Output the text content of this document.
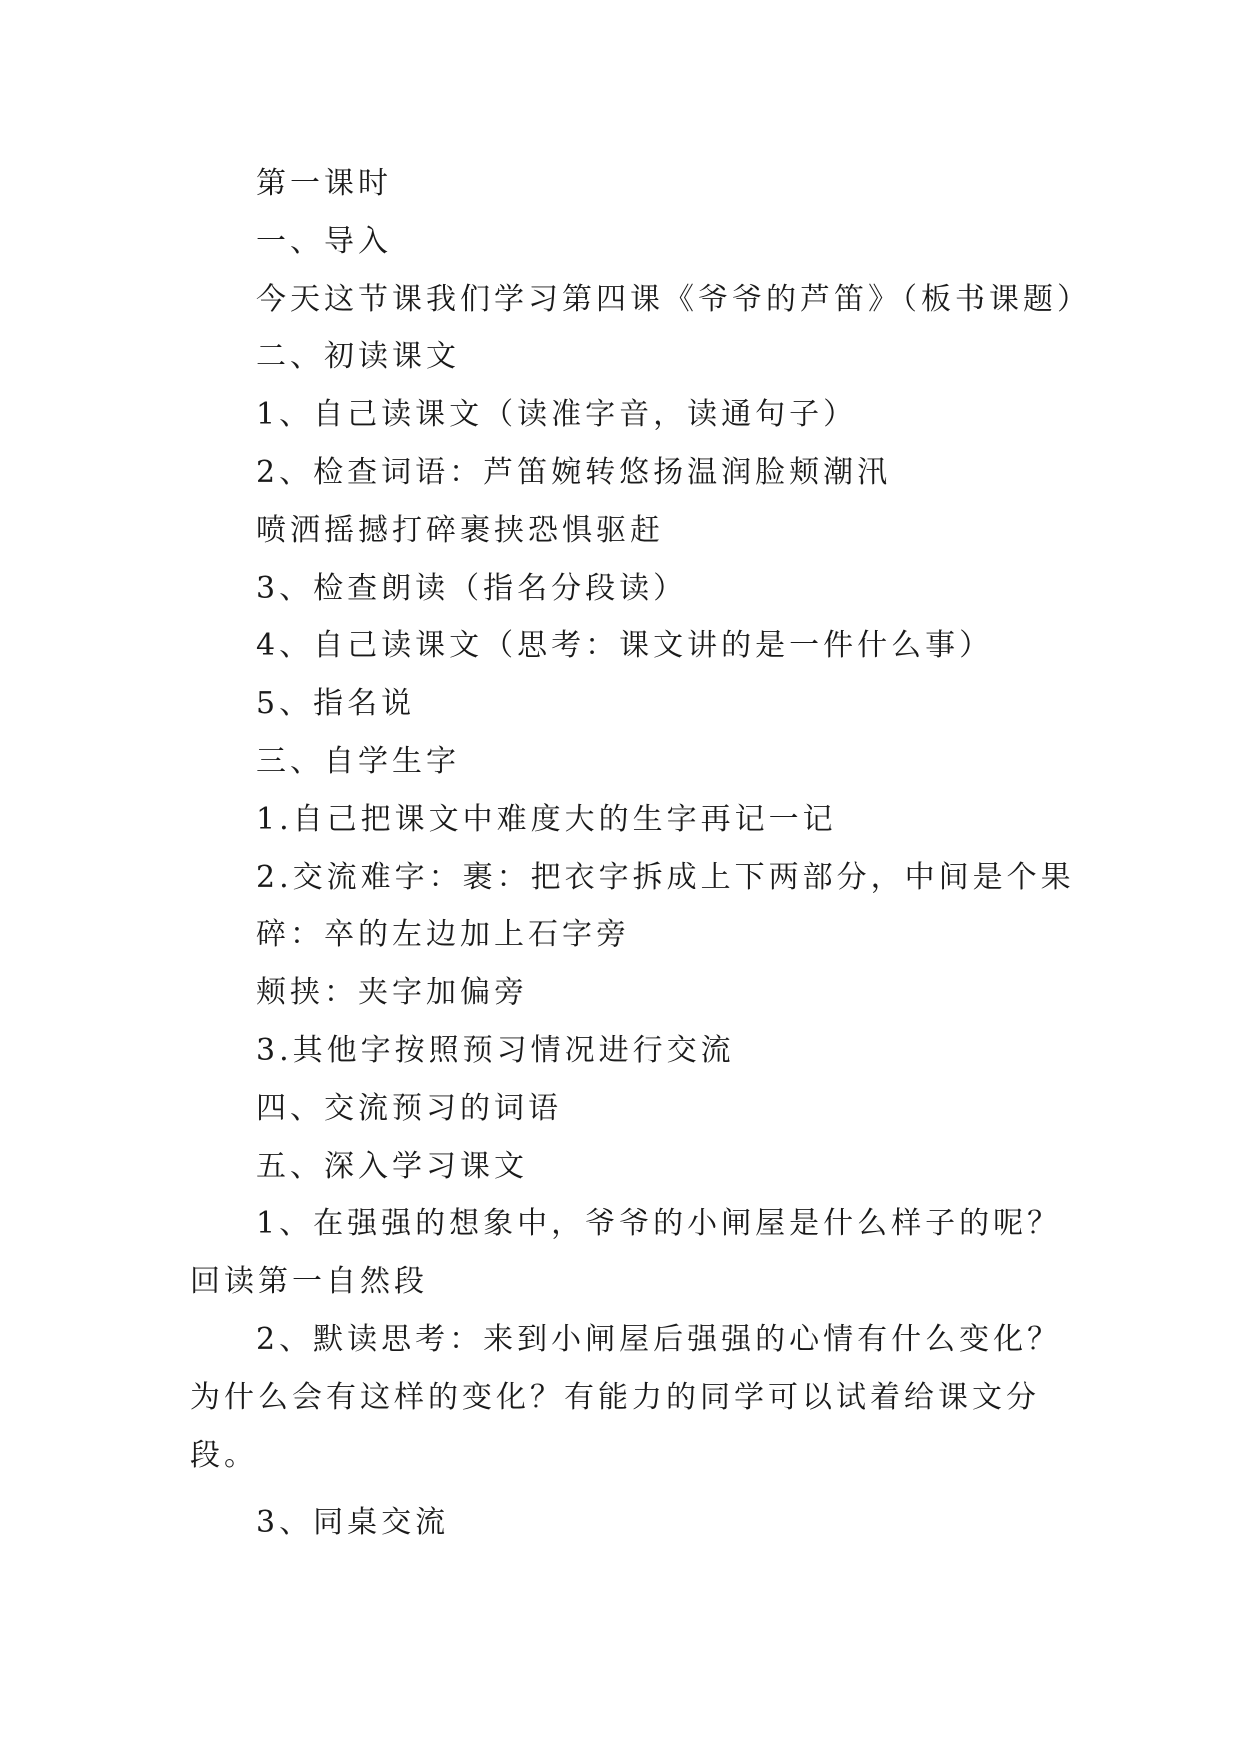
第一课时
一、导入
今天这节课我们学习第四课《爷爷的芦笛》（板书课题）
二、初读课文
1、自己读课文（读准字音，读通句子）
2、检查词语：芦笛婉转悠扬温润脸颊潮汛
喷洒摇撼打碎裹挟恐惧驱赶
3、检查朗读（指名分段读）
4、自己读课文（思考：课文讲的是一件什么事）
5、指名说
三、自学生字
1.自己把课文中难度大的生字再记一记
2.交流难字：裹：把衣字拆成上下两部分，中间是个果
碎：卒的左边加上石字旁
颊挟：夹字加偏旁
3.其他字按照预习情况进行交流
四、交流预习的词语
五、深入学习课文
1、在强强的想象中，爷爷的小闸屋是什么样子的呢？回读第一自然段
2、默读思考：来到小闸屋后强强的心情有什么变化？为什么会有这样的变化？有能力的同学可以试着给课文分段。
3、同桌交流
